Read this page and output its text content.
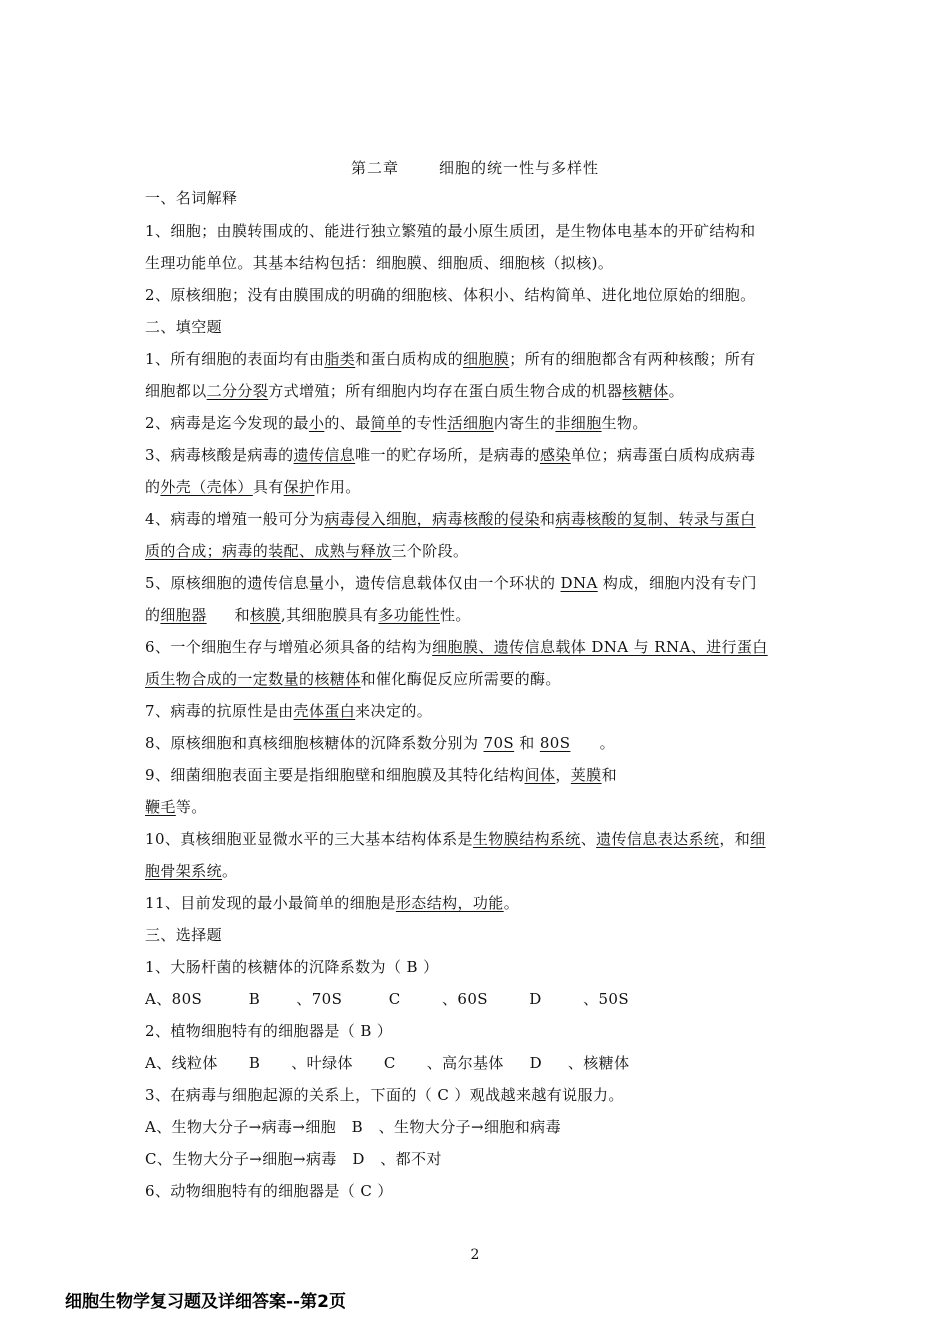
第二章	细胞的统一性与多样性
一、名词解释
1、细胞；由膜转围成的、能进行独立繁殖的最小原生质团，是生物体电基本的开矿结构和
生理功能单位。其基本结构包括：细胞膜、细胞质、细胞核（拟核)。
2、原核细胞；没有由膜围成的明确的细胞核、体积小、结构简单、进化地位原始的细胞。
二、填空题
1、所有细胞的表面均有由脂类和蛋白质构成的细胞膜；所有的细胞都含有两种核酸；所有
细胞都以二分分裂方式增殖；所有细胞内均存在蛋白质生物合成的机器核糖体。
2、病毒是迄今发现的最小的、最简单的专性活细胞内寄生的非细胞生物。
3、病毒核酸是病毒的遗传信息唯一的贮存场所，是病毒的感染单位；病毒蛋白质构成病毒
的外壳（壳体）具有保护作用。
4、病毒的增殖一般可分为病毒侵入细胞，病毒核酸的侵染和病毒核酸的复制、转录与蛋白
质的合成；病毒的装配、成熟与释放三个阶段。
5、原核细胞的遗传信息量小，遗传信息载体仅由一个环状的 DNA 构成，细胞内没有专门
的细胞器 和核膜,其细胞膜具有多功能性性。
6、一个细胞生存与增殖必须具备的结构为细胞膜、遗传信息载体 DNA 与 RNA、进行蛋白
质生物合成的一定数量的核糖体和催化酶促反应所需要的酶。
7、病毒的抗原性是由壳体蛋白来决定的。
8、原核细胞和真核细胞核糖体的沉降系数分别为 70S 和 80S 。
9、细菌细胞表面主要是指细胞壁和细胞膜及其特化结构间体，荚膜和
鞭毛等。
10、真核细胞亚显微水平的三大基本结构体系是生物膜结构系统、遗传信息表达系统，和细
胞骨架系统。
11、目前发现的最小最简单的细胞是形态结构，功能。
三、选择题
1、大肠杆菌的核糖体的沉降系数为（ B ）
A、80S         B       、70S         C        、60S        D        、50S
2、植物细胞特有的细胞器是（ B ）
A、线粒体      B      、叶绿体      C      、高尔基体     D     、核糖体
3、在病毒与细胞起源的关系上，下面的（ C ）观战越来越有说服力。
A、生物大分子→病毒→细胞   B   、生物大分子→细胞和病毒
C、生物大分子→细胞→病毒   D   、都不对
6、动物细胞特有的细胞器是（ C ）
2
细胞生物学复习题及详细答案--第2页
